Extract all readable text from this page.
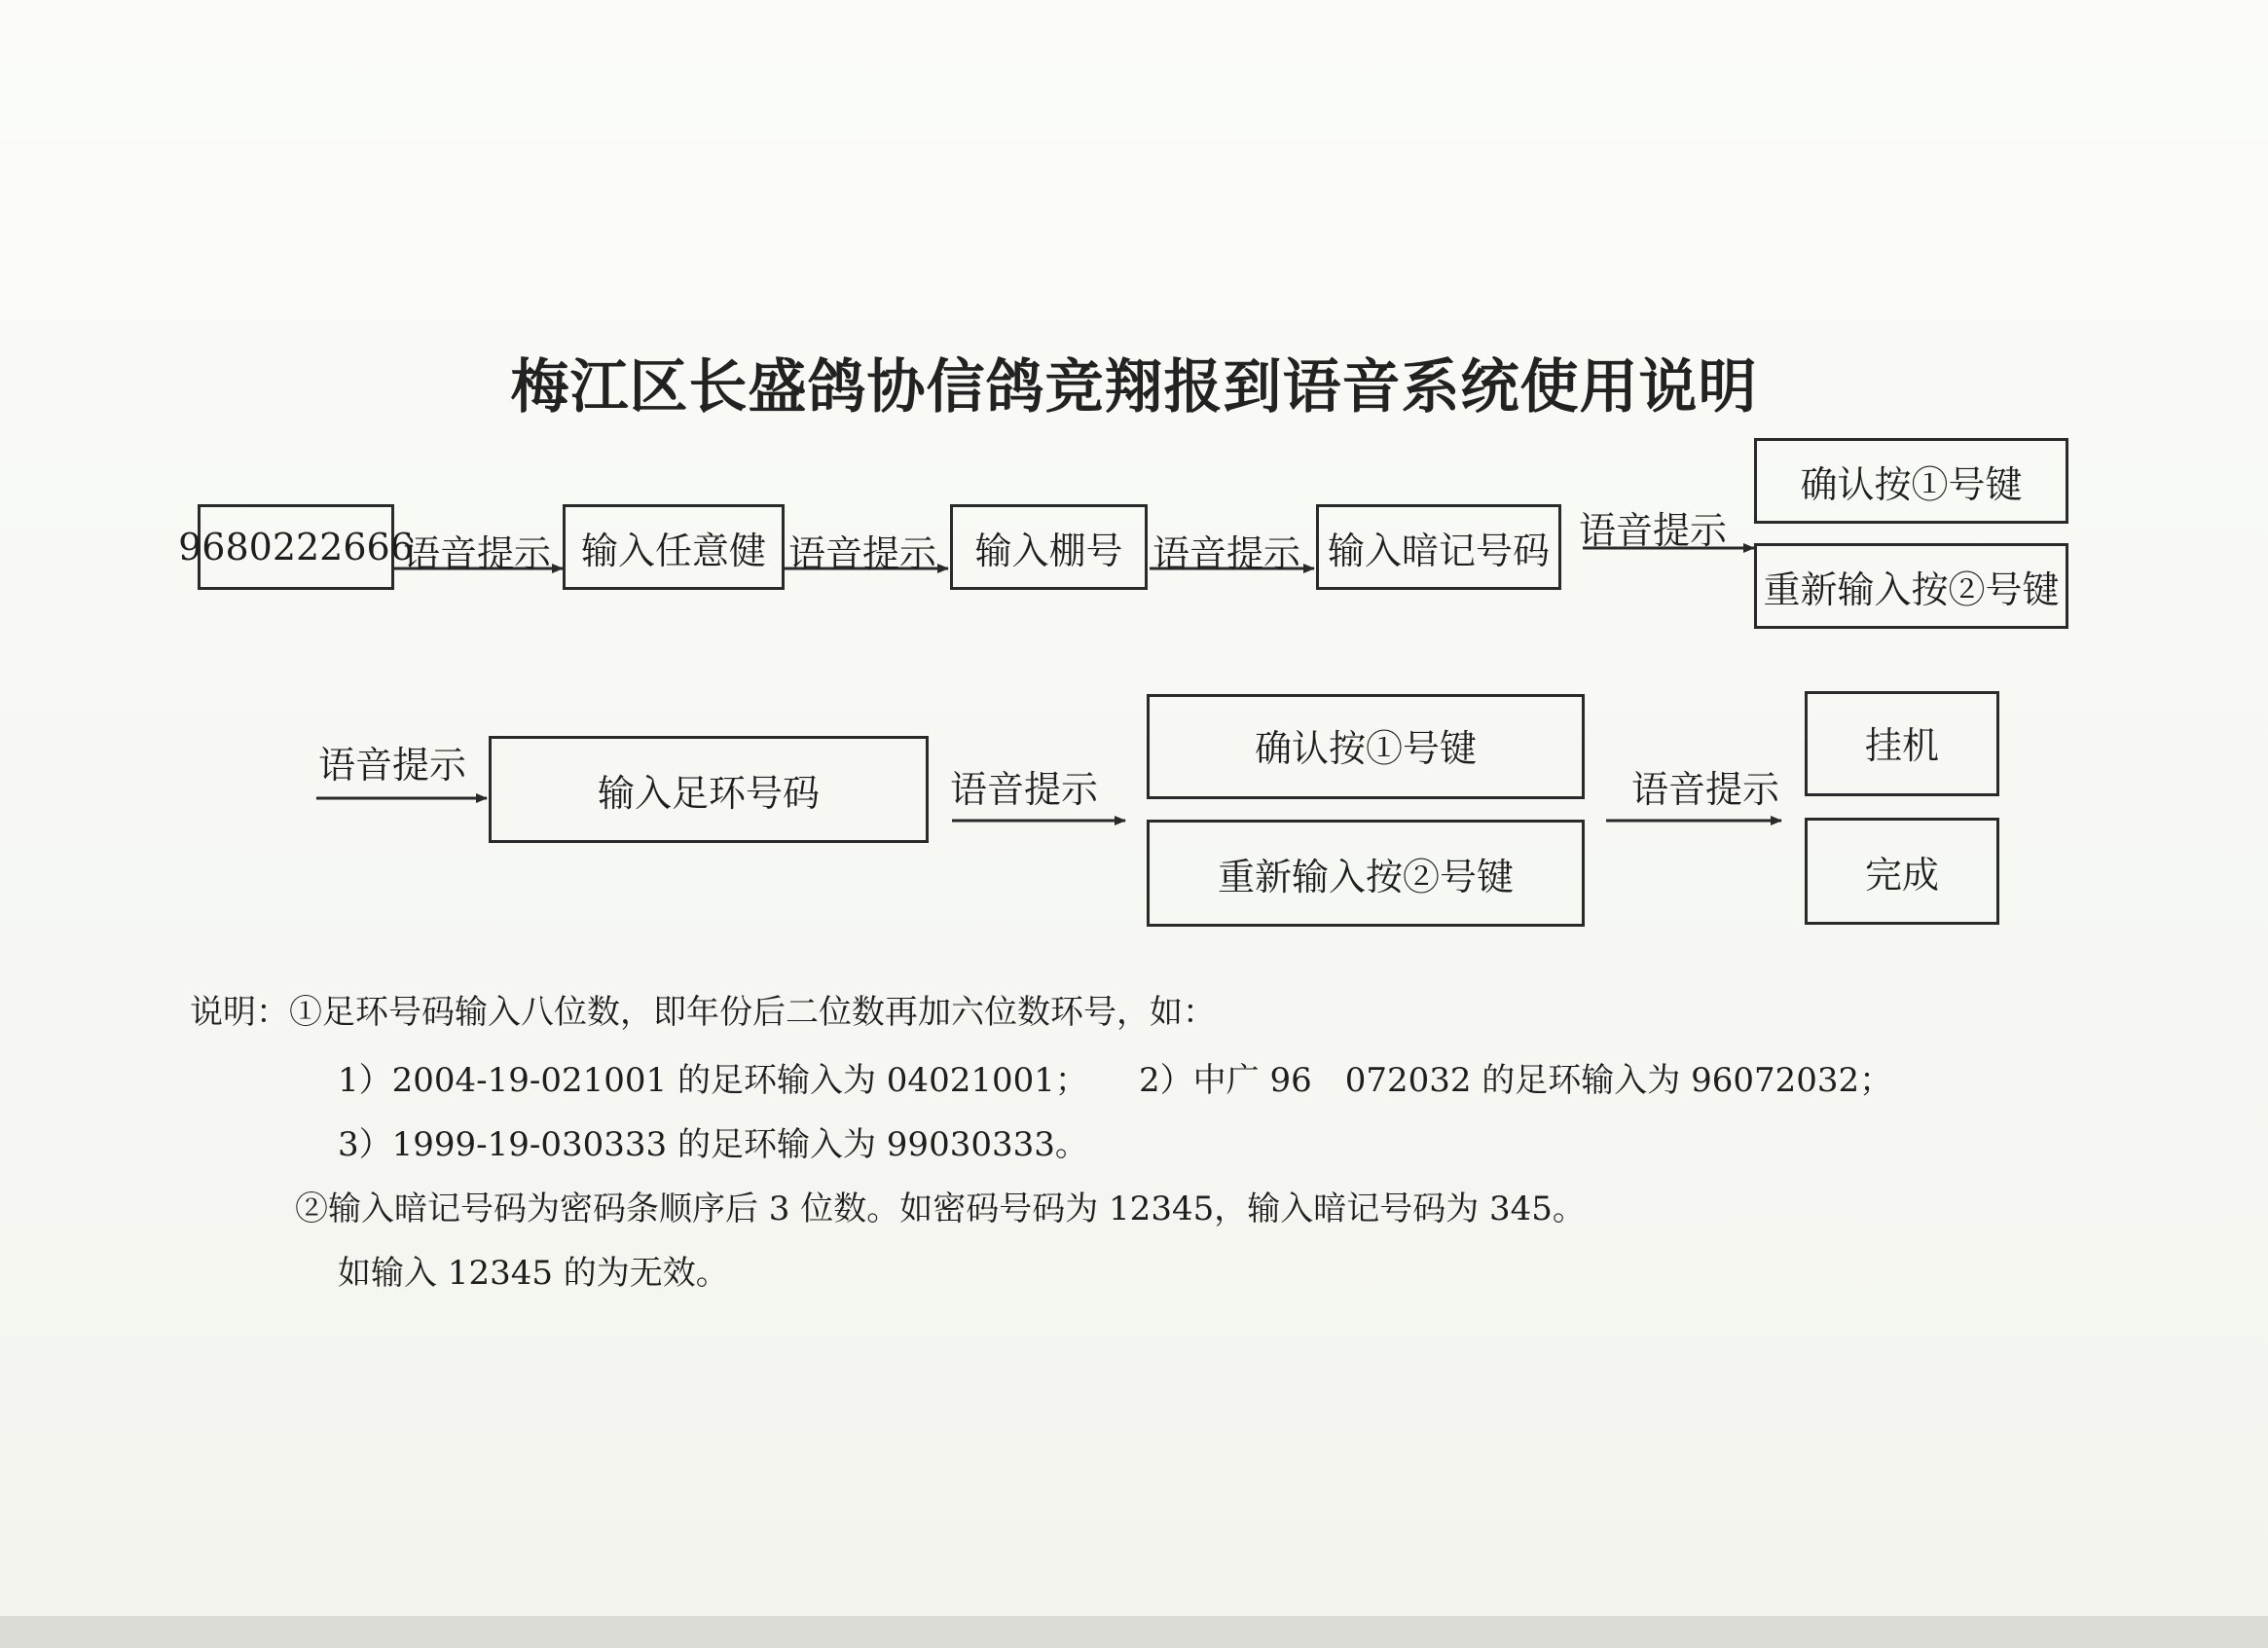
梅江区长盛鸽协信鸽竞翔报到语音系统使用说明
9680222666
语音提示 输入任意健 语音提示	输入棚号 语音提示 输入暗记号码 语音提示
确认按①号键
重新输入按②号键
语音提示
输入足环号码	语音提示
确认按①号键
重新输入按②号键
语音提示
挂机
完成
说明：①足环号码输入八位数，即年份后二位数再加六位数环号，如：
1）2004-19-021001 的足环输入为 04021001； 2）中广 96　072032 的足环输入为 96072032；
3）1999-19-030333 的足环输入为 99030333。
②输入暗记号码为密码条顺序后 3 位数。如密码号码为 12345，输入暗记号码为 345。
如输入 12345 的为无效。
